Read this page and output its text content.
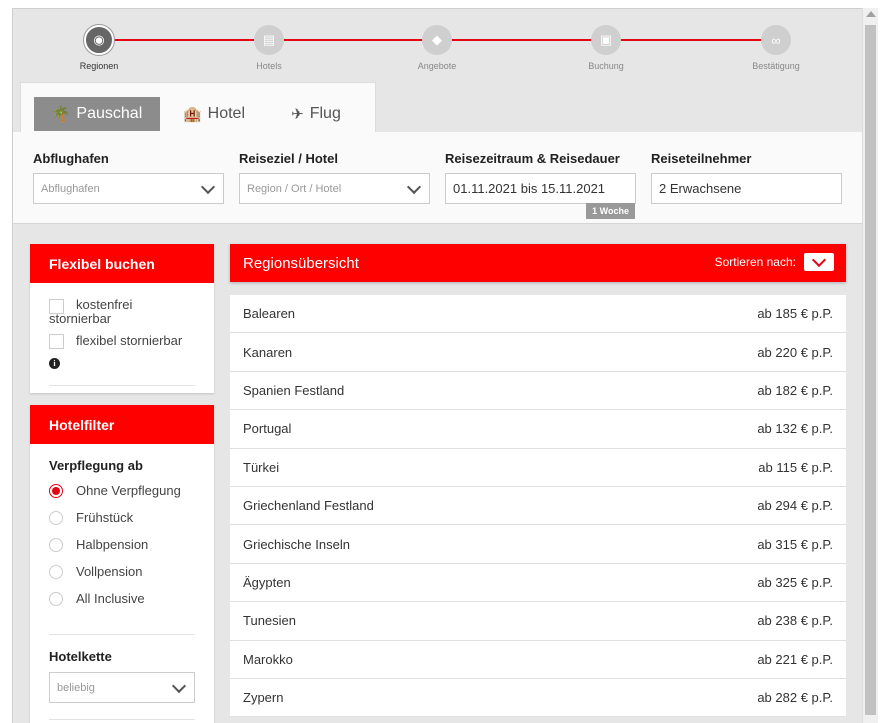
◉
Regionen
▤
Hotels
◆
Angebote
▣
Buchung
∞
Bestätigung
🌴 Pauschal	🏨 Hotel	✈ Flug
Abflughafen
Abflughafen
Reiseziel / Hotel
Region / Ort / Hotel
Reisezeitraum & Reisedauer
01.11.2021 bis 15.11.2021
1 Woche
Reiseteilnehmer
2 Erwachsene
Flexibel buchen
kostenfrei stornierbar
flexibel stornierbar
i
Hotelfilter
Verpflegung ab
Ohne Verpflegung
Frühstück
Halbpension
Vollpension
All Inclusive
Hotelkette
beliebig
Regionsübersicht	Sortieren nach:
Balearen	ab 185 € p.P.
Kanaren	ab 220 € p.P.
Spanien Festland	ab 182 € p.P.
Portugal	ab 132 € p.P.
Türkei	ab 115 € p.P.
Griechenland Festland	ab 294 € p.P.
Griechische Inseln	ab 315 € p.P.
Ägypten	ab 325 € p.P.
Tunesien	ab 238 € p.P.
Marokko	ab 221 € p.P.
Zypern	ab 282 € p.P.
